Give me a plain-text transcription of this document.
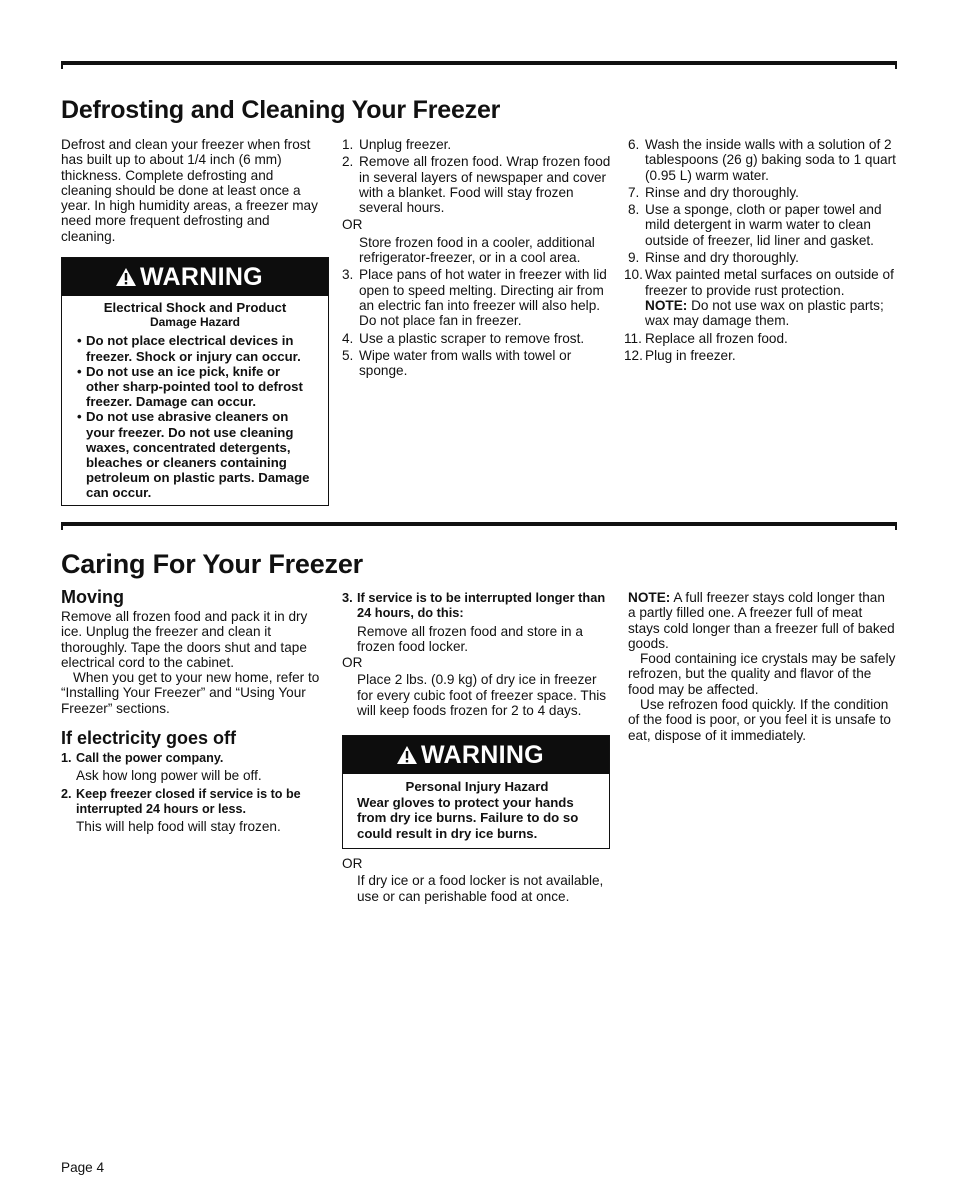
Defrosting and Cleaning Your Freezer

Defrost and clean your freezer when frost

has built up to about 1/4 inch (6 mm)

thickness. Complete defrosting and

cleaning should be done at least once a

year. In high humidity areas, a freezer may

need more frequent defrosting and

cleaning.

WARNING
Electrical Shock and Product
Damage Hazard
• Do not place electrical devices in freezer. Shock or injury can occur.
• Do not use an ice pick, knife or other sharp-pointed tool to defrost freezer. Damage can occur.
• Do not use abrasive cleaners on your freezer. Do not use cleaning waxes, concentrated detergents, bleaches or cleaners containing petroleum on plastic parts. Damage can occur.
1. Unplug freezer.
2. Remove all frozen food. Wrap frozen food in several layers of newspaper and cover with a blanket. Food will stay frozen several hours.
OR
Store frozen food in a cooler, additional refrigerator-freezer, or in a cool area.
3. Place pans of hot water in freezer with lid open to speed melting. Directing air from an electric fan into freezer will also help. Do not place fan in freezer.
4. Use a plastic scraper to remove frost.
5. Wipe water from walls with towel or sponge.
6. Wash the inside walls with a solution of 2 tablespoons (26 g) baking soda to 1 quart (0.95 L) warm water.
7. Rinse and dry thoroughly.
8. Use a sponge, cloth or paper towel and mild detergent in warm water to clean outside of freezer, lid liner and gasket.
9. Rinse and dry thoroughly.
10. Wax painted metal surfaces on outside of freezer to provide rust protection.
NOTE: Do not use wax on plastic parts; wax may damage them.
11. Replace all frozen food.
12. Plug in freezer.
Caring For Your Freezer
Moving

Remove all frozen food and pack it in dry ice. Unplug the freezer and clean it thoroughly. Tape the doors shut and tape electrical cord to the cabinet.

When you get to your new home, refer to “Installing Your Freezer” and “Using Your Freezer” sections.

If electricity goes off
1. Call the power company.
Ask how long power will be off.
2. Keep freezer closed if service is to be interrupted 24 hours or less.
This will help food will stay frozen.
3. If service is to be interrupted longer than 24 hours, do this:
Remove all frozen food and store in a frozen food locker.
OR
Place 2 lbs. (0.9 kg) of dry ice in freezer for every cubic foot of freezer space. This will keep foods frozen for 2 to 4 days.
WARNING
Personal Injury Hazard
Wear gloves to protect your hands from dry ice burns. Failure to do so could result in dry ice burns.
OR
If dry ice or a food locker is not available, use or can perishable food at once.

NOTE: A full freezer stays cold longer than a partly filled one. A freezer full of meat stays cold longer than a freezer full of baked goods.

Food containing ice crystals may be safely refrozen, but the quality and flavor of the food may be affected.

Use refrozen food quickly. If the condition of the food is poor, or you feel it is unsafe to eat, dispose of it immediately.

Page 4
